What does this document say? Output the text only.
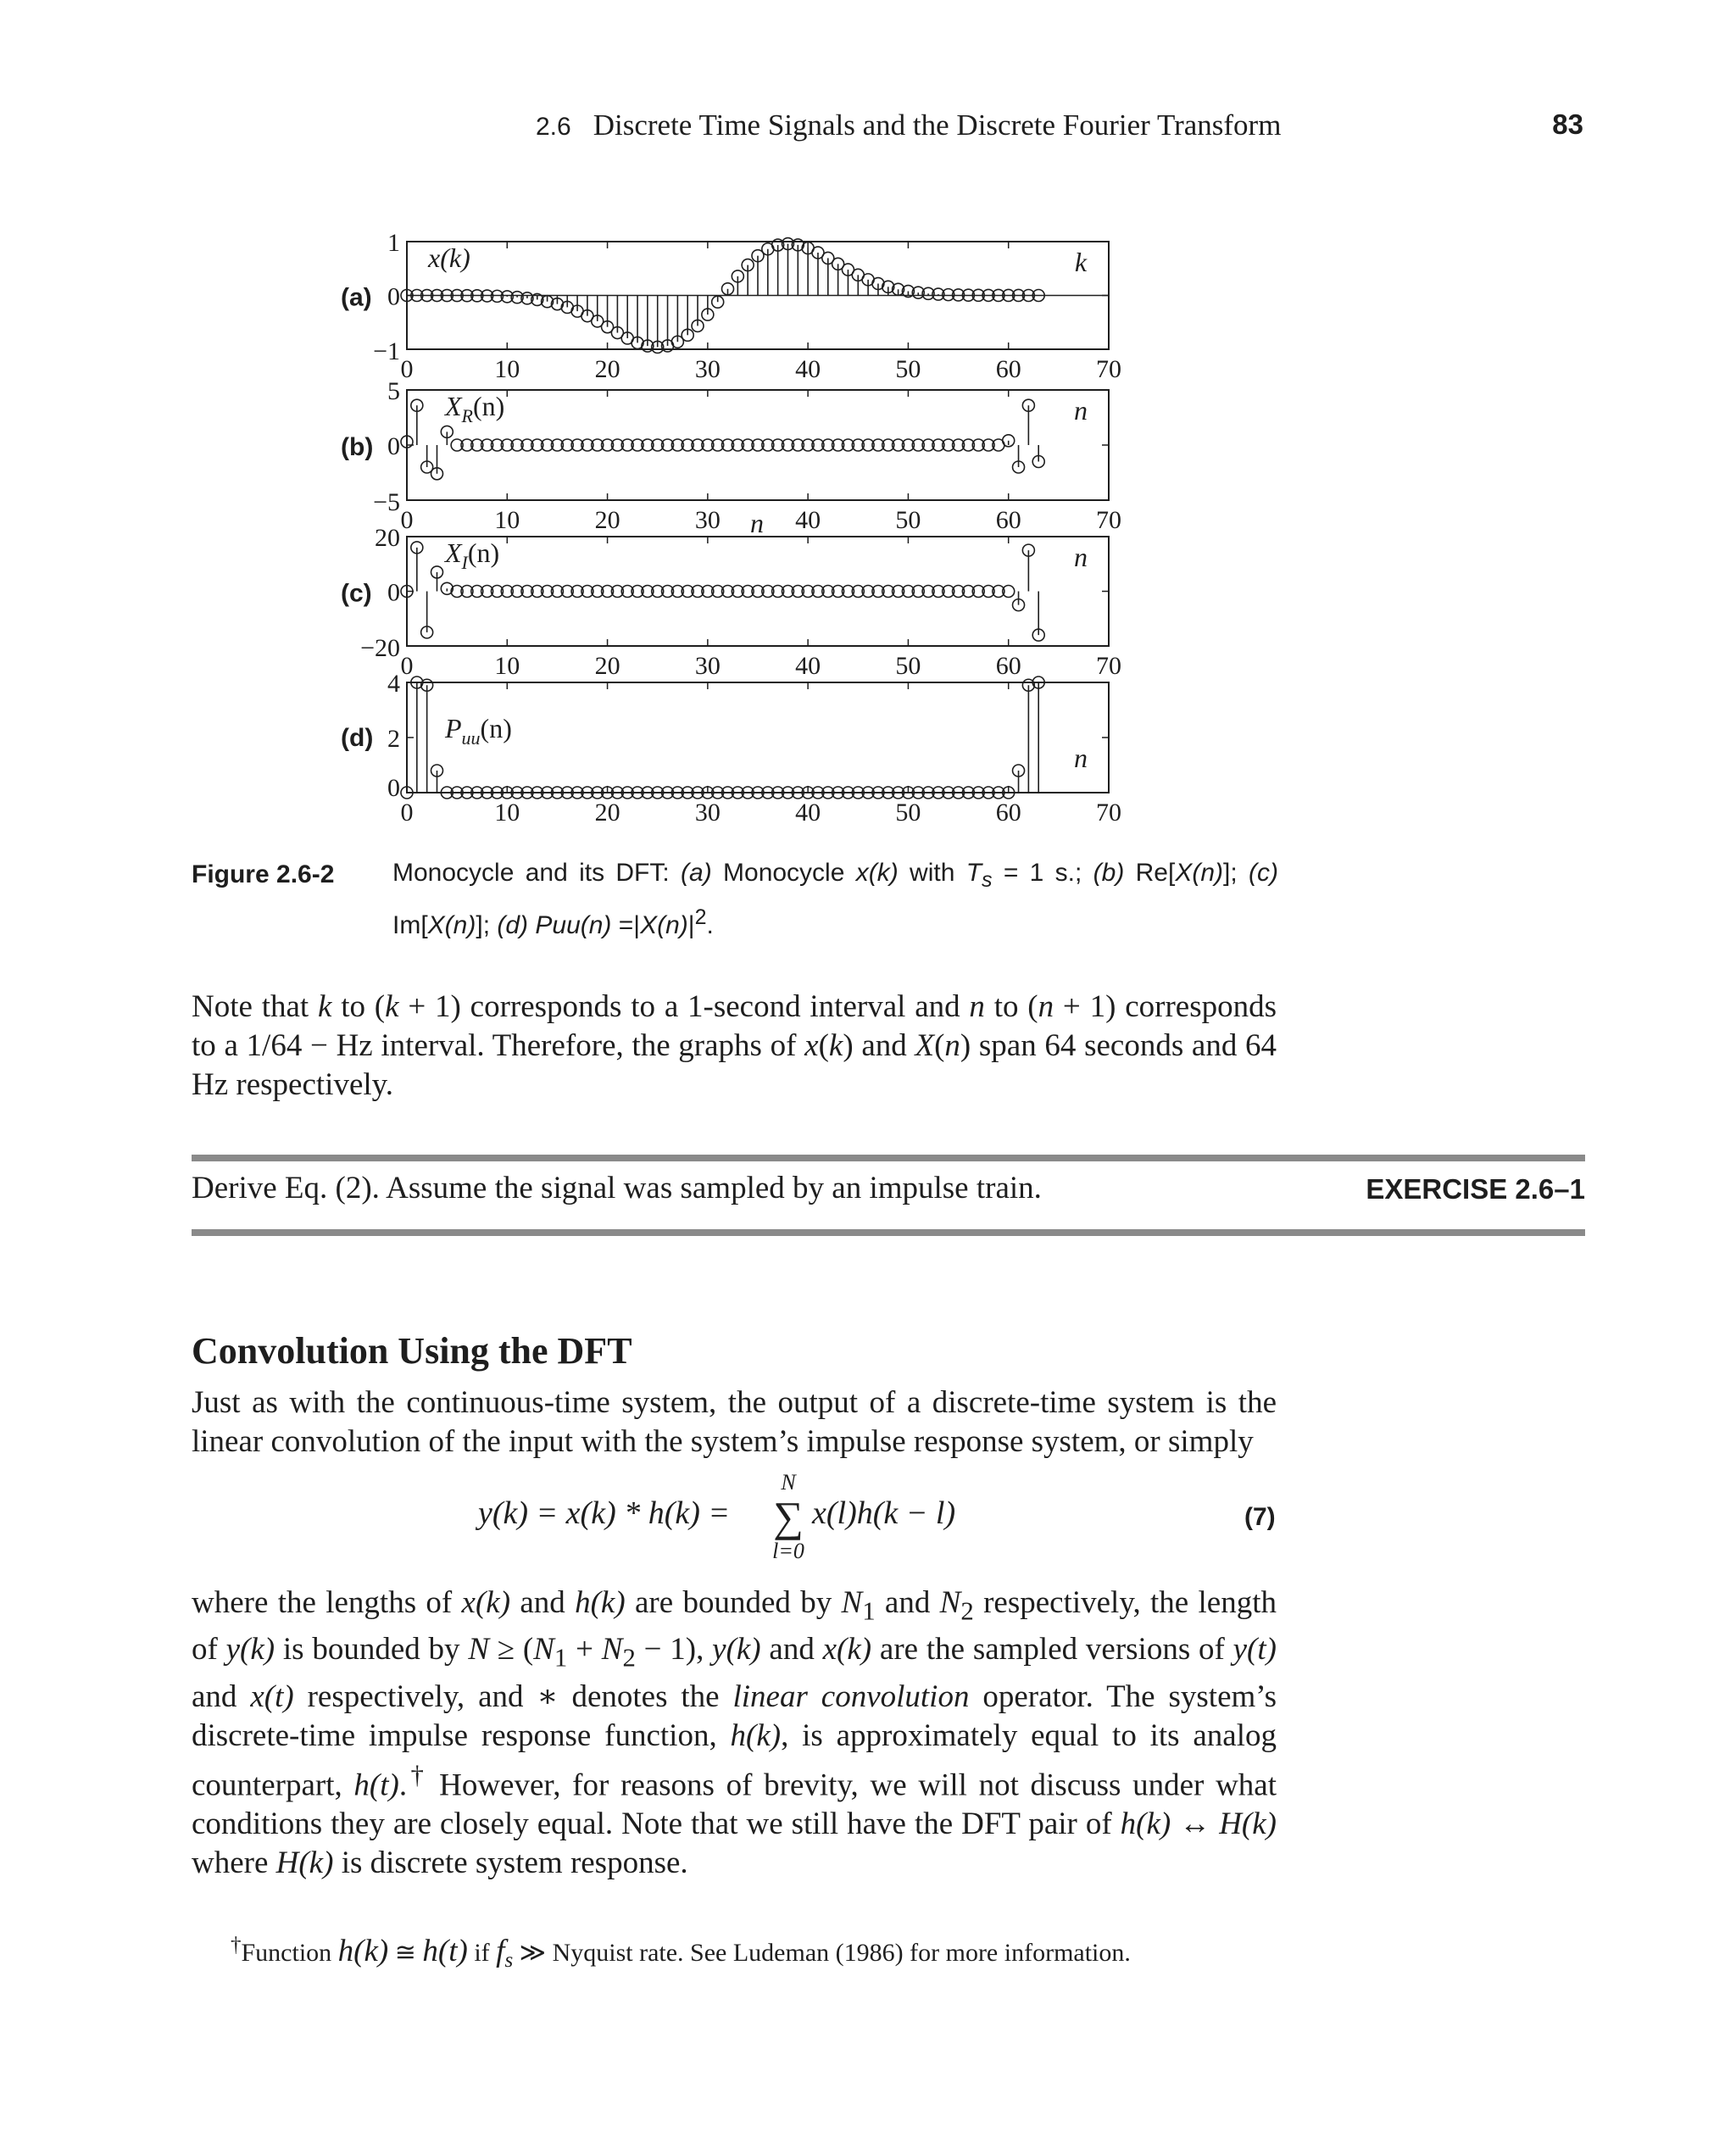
2.6 Discrete Time Signals and the Discrete Fourier Transform	83
1
0
−1
0	10	20	30	40	50	60	70
(a)
k
x(k)
5
0
−5
0	10	20	30	40	50	60	70
(b)
n
n
$X_R(n)$
20
0
−20
0	10	20	30	40	50	60	70
(c)
n
$X_I(n)$
4
2
0
0	10	20	30	40	50	60	70
(d)
n
$P_{uu}(n)$
Figure 2.6-2 Monocycle and its DFT: (a) Monocycle x(k) with $T_s = 1$ s.; (b) Re[X(n)]; (c) Im[X(n)]; (d) $Puu(n) =|X(n)|^2$.
Note that k to (k + 1) corresponds to a 1-second interval and n to (n + 1) corresponds to a 1/64 − Hz interval. Therefore, the graphs of x(k) and X(n) span 64 seconds and 64 Hz respectively.
Derive Eq. (2). Assume the signal was sampled by an impulse train.	EXERCISE 2.6–1
Convolution Using the DFT
Just as with the continuous-time system, the output of a discrete-time system is the linear convolution of the input with the system’s impulse response system, or simply
y(k) = x(k) * h(k) =
N
∑
l=0
x(l)h(k − l)	(7)
where the lengths of x(k) and h(k) are bounded by $N_1$ and $N_2$ respectively, the length of y(k) is bounded by $N \ge (N_1 + N_2 - 1)$, y(k) and x(k) are the sampled versions of y(t) and x(t) respectively, and ∗ denotes the linear convolution operator. The system’s discrete-time impulse response function, h(k), is approximately equal to its analog counterpart, h(t).† However, for reasons of brevity, we will not discuss under what conditions they are closely equal. Note that we still have the DFT pair of h(k) ↔ H(k) where H(k) is discrete system response.
†Function h(k) ≅ h(t) if $f_s$ ≫ Nyquist rate. See Ludeman (1986) for more information.
